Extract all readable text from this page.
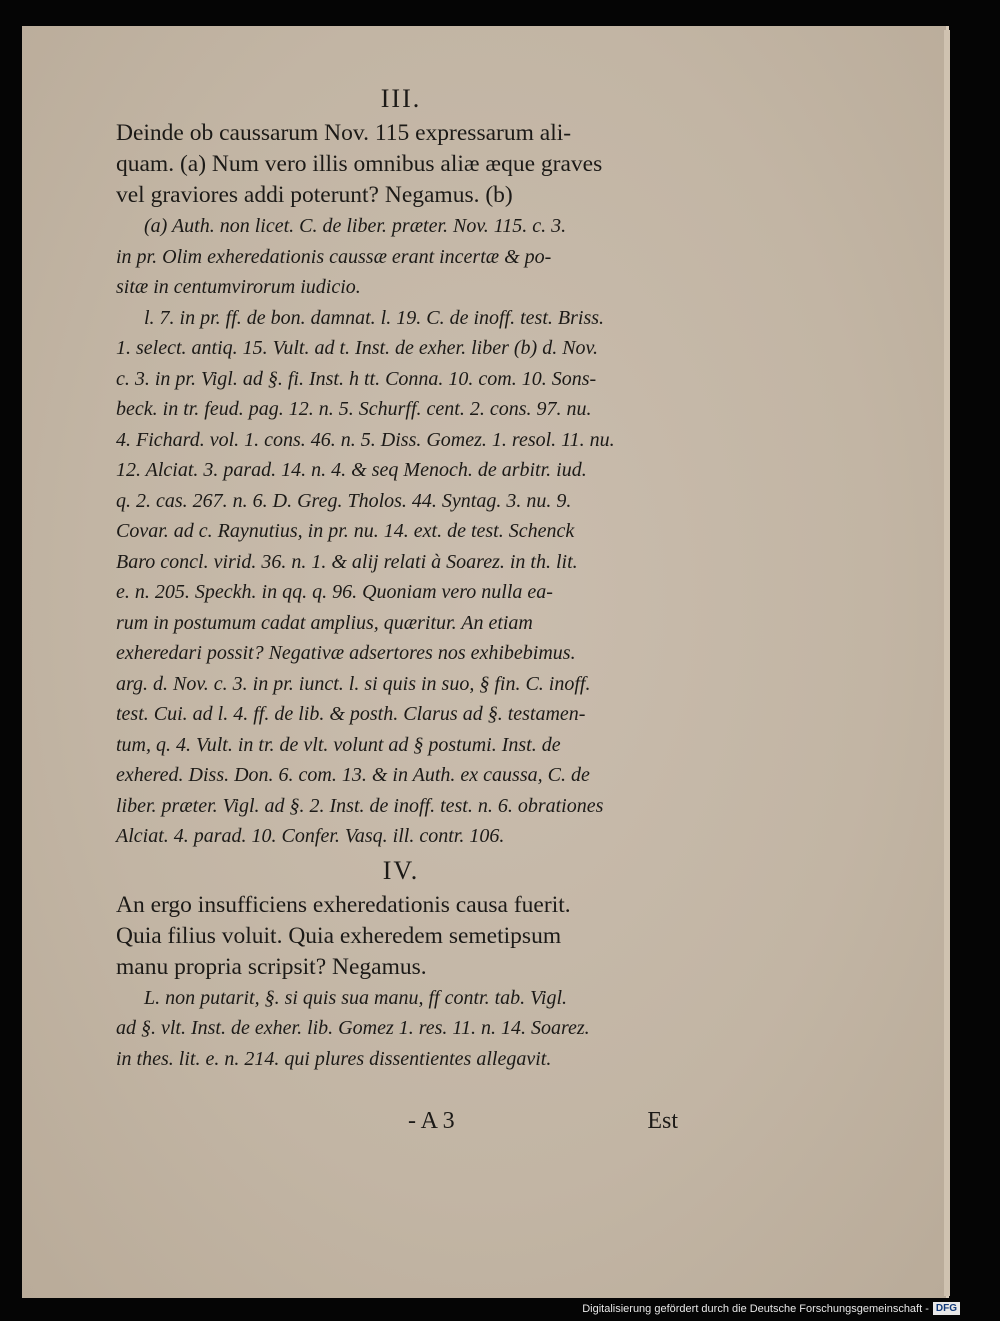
III.

Deinde ob caussarum Nov. 115 expressarum ali-
quam. (a) Num vero illis omnibus aliæ æque graves
vel graviores addi poterunt? Negamus. (b)

(a) Auth. non licet. C. de liber. præter. Nov. 115. c. 3.
in pr. Olim exheredationis caussæ erant incertæ & po-
sitæ in centumvirorum iudicio.
l. 7. in pr. ff. de bon. damnat. l. 19. C. de inoff. test. Briss.
1. select. antiq. 15. Vult. ad t. Inst. de exher. liber (b) d. Nov.
c. 3. in pr. Vigl. ad §. fi. Inst. h tt. Conna. 10. com. 10. Sons-
beck. in tr. feud. pag. 12. n. 5. Schurff. cent. 2. cons. 97. nu.
4. Fichard. vol. 1. cons. 46. n. 5. Diss. Gomez. 1. resol. 11. nu.
12. Alciat. 3. parad. 14. n. 4. & seq Menoch. de arbitr. iud.
q. 2. cas. 267. n. 6. D. Greg. Tholos. 44. Syntag. 3. nu. 9.
Covar. ad c. Raynutius, in pr. nu. 14. ext. de test. Schenck
Baro concl. virid. 36. n. 1. & alij relati à Soarez. in th. lit.
e. n. 205. Speckh. in qq. q. 96. Quoniam vero nulla ea-
rum in postumum cadat amplius, quæritur. An etiam
exheredari possit? Negativæ adsertores nos exhibebimus.
arg. d. Nov. c. 3. in pr. iunct. l. si quis in suo, § fin. C. inoff.
test. Cui. ad l. 4. ff. de lib. & posth. Clarus ad §. testamen-
tum, q. 4. Vult. in tr. de vlt. volunt ad § postumi. Inst. de
exhered. Diss. Don. 6. com. 13. & in Auth. ex caussa, C. de
liber. præter. Vigl. ad §. 2. Inst. de inoff. test. n. 6. obrationes
Alciat. 4. parad. 10. Confer. Vasq. ill. contr. 106.

IV.

An ergo insufficiens exheredationis causa fuerit.
Quia filius voluit. Quia exheredem semetipsum
manu propria scripsit? Negamus.

L. non putarit, §. si quis sua manu, ff contr. tab. Vigl.
ad §. vlt. Inst. de exher. lib. Gomez 1. res. 11. n. 14. Soarez.
in thes. lit. e. n. 214. qui plures dissentientes allegavit.

- A 3	Est
Digitalisierung gefördert durch die Deutsche Forschungsgemeinschaft - DFG
